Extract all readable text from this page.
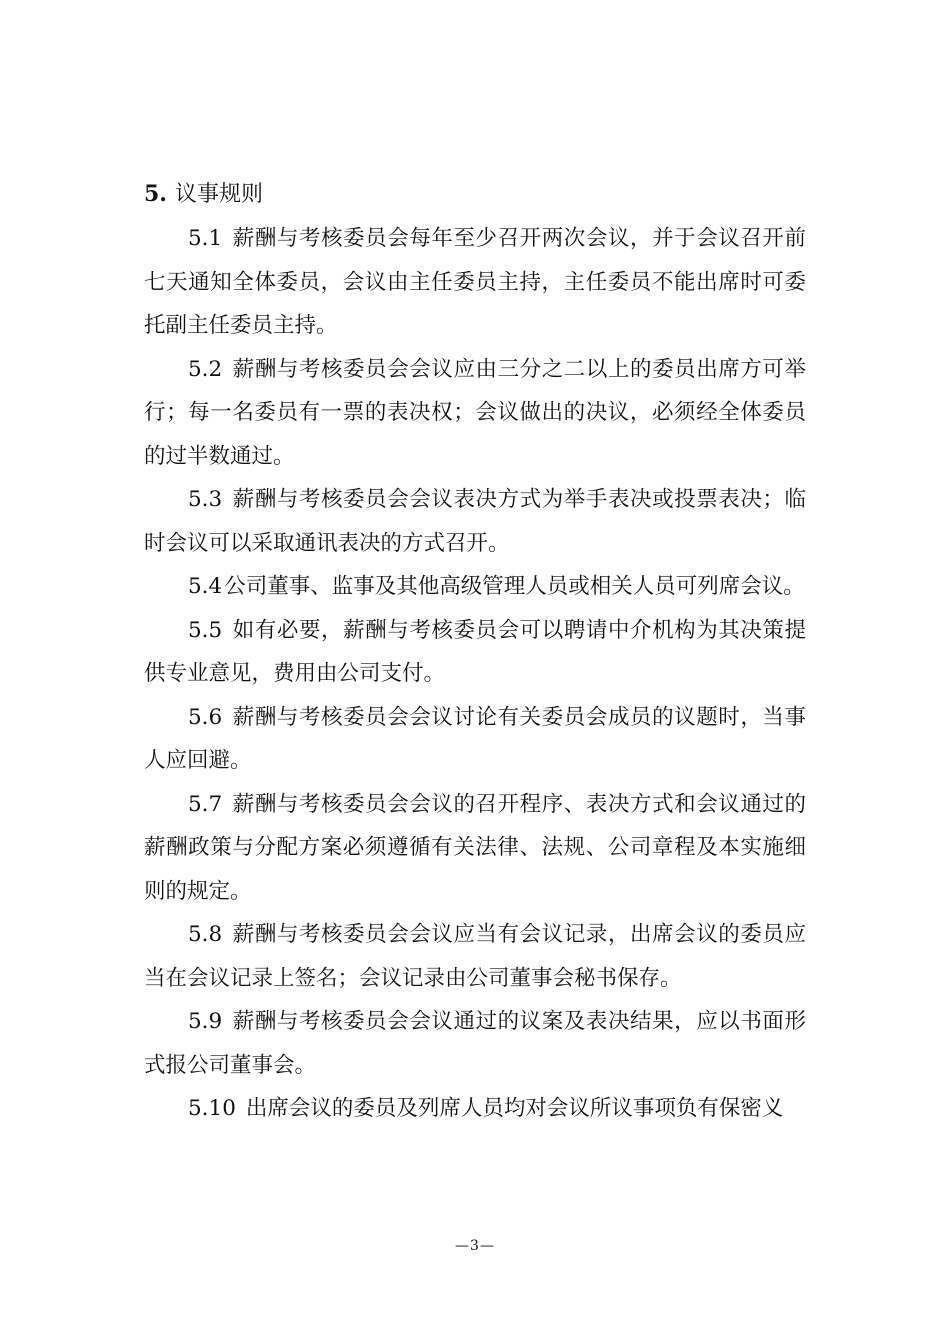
5. 议事规则

5.1 薪酬与考核委员会每年至少召开两次会议，并于会议召开前七天通知全体委员，会议由主任委员主持，主任委员不能出席时可委托副主任委员主持。

5.2 薪酬与考核委员会会议应由三分之二以上的委员出席方可举行；每一名委员有一票的表决权；会议做出的决议，必须经全体委员的过半数通过。

5.3 薪酬与考核委员会会议表决方式为举手表决或投票表决；临时会议可以采取通讯表决的方式召开。

5.4公司董事、监事及其他高级管理人员或相关人员可列席会议。

5.5 如有必要，薪酬与考核委员会可以聘请中介机构为其决策提供专业意见，费用由公司支付。

5.6 薪酬与考核委员会会议讨论有关委员会成员的议题时，当事人应回避。

5.7 薪酬与考核委员会会议的召开程序、表决方式和会议通过的薪酬政策与分配方案必须遵循有关法律、法规、公司章程及本实施细则的规定。

5.8 薪酬与考核委员会会议应当有会议记录，出席会议的委员应当在会议记录上签名；会议记录由公司董事会秘书保存。

5.9 薪酬与考核委员会会议通过的议案及表决结果，应以书面形式报公司董事会。

5.10 出席会议的委员及列席人员均对会议所议事项负有保密义

—3—
